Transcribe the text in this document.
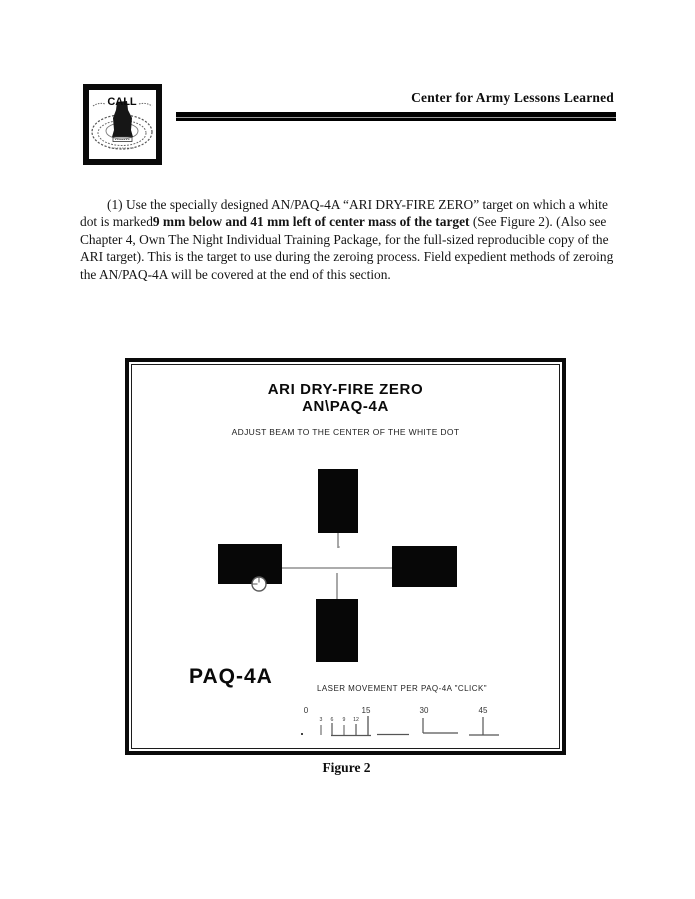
CALL	Center for Army Lessons Learned

(1) Use the specially designed AN/PAQ-4A “ARI DRY-FIRE ZERO” target on which a white dot is marked9 mm below and 41 mm left of center mass of the target (See Figure 2). (Also see Chapter 4, Own The Night Individual Training Package, for the full-sized reproducible copy of the ARI target). This is the target to use during the zeroing process. Field expedient methods of zeroing the AN/PAQ-4A will be covered at the end of this section.

ARI DRY-FIRE ZERO
AN\PAQ-4A
ADJUST BEAM TO THE CENTER OF THE WHITE DOT
PAQ-4A
LASER MOVEMENT PER PAQ-4A "CLICK"
0	15	30	45
3 6 9 12
Figure 2
